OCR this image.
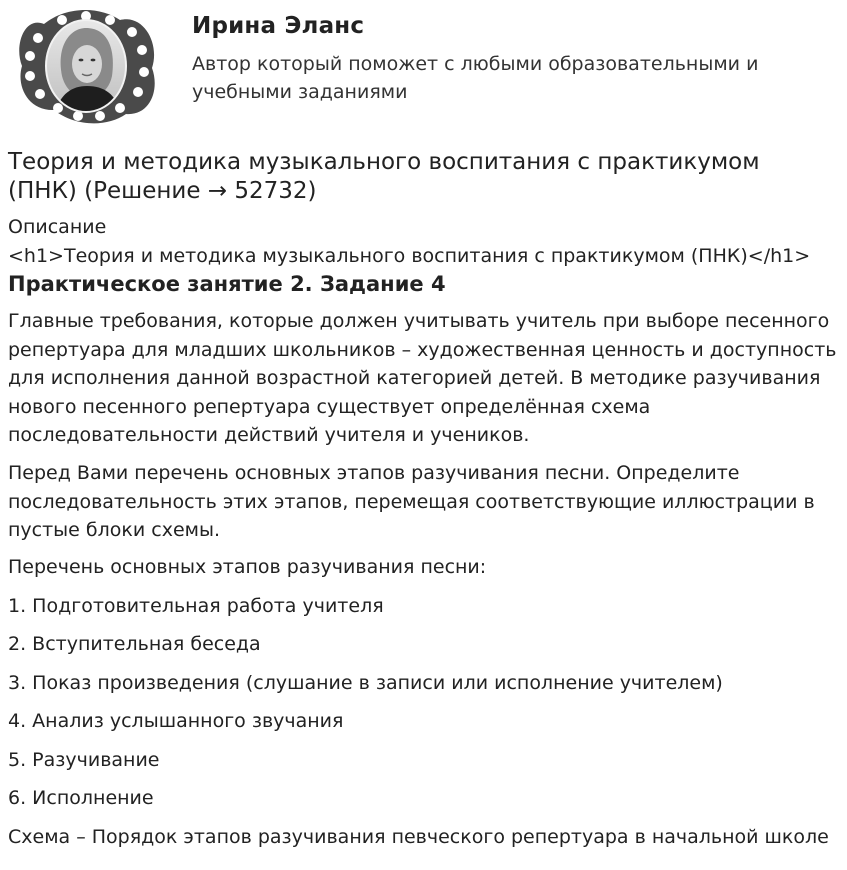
Ирина Эланс
Автор который поможет с любыми образовательными и учебными заданиями
Теория и методика музыкального воспитания с практикумом (ПНК) (Решение → 52732)
Описание
<h1>Теория и методика музыкального воспитания с практикумом (ПНК)</h1>
Практическое занятие 2. Задание 4

Главные требования, которые должен учитывать учитель при выборе песенного репертуара для младших школьников – художественная ценность и доступность для исполнения данной возрастной категорией детей. В методике разучивания нового песенного репертуара существует определённая схема последовательности действий учителя и учеников.

Перед Вами перечень основных этапов разучивания песни. Определите последовательность этих этапов, перемещая соответствующие иллюстрации в пустые блоки схемы.

Перечень основных этапов разучивания песни:

1. Подготовительная работа учителя
2. Вступительная беседа
3. Показ произведения (слушание в записи или исполнение учителем)
4. Анализ услышанного звучания
5. Разучивание
6. Исполнение
Схема – Порядок этапов разучивания певческого репертуара в начальной школе
